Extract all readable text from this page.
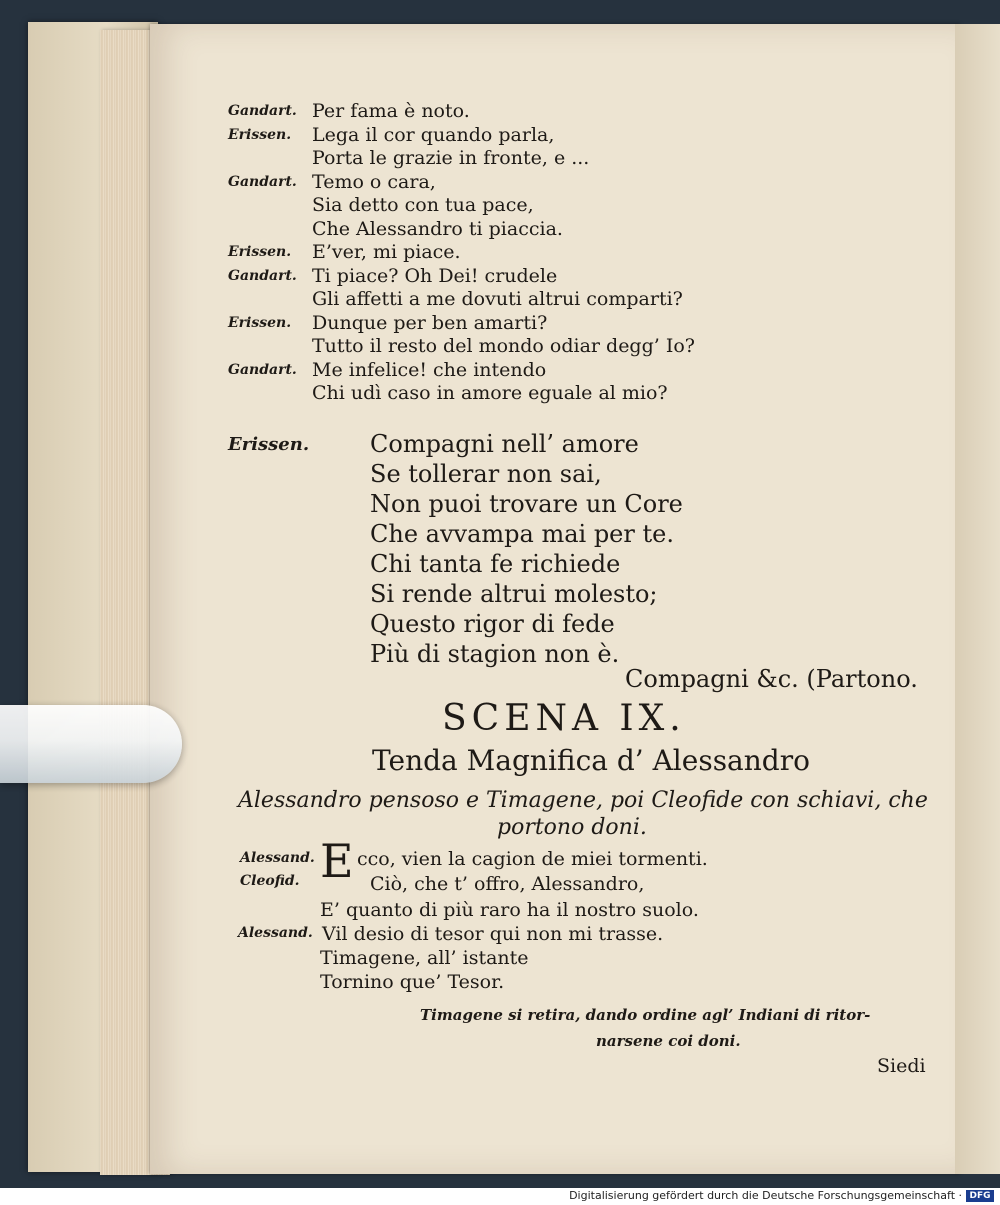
Gandart. Per fama è noto.
Erissen. Lega il cor quando parla,
Porta le grazie in fronte, e ...
Gandart. Temo o cara,
Sia detto con tua pace,
Che Alessandro ti piaccia.
Erissen. E’ver, mi piace.
Gandart. Ti piace? Oh Dei! crudele
Gli affetti a me dovuti altrui comparti?
Erissen. Dunque per ben amarti?
Tutto il resto del mondo odiar degg’ Io?
Gandart. Me infelice! che intendo
Chi udì caso in amore eguale al mio?
Erissen.	Compagni nell’ amore
Se tollerar non sai,
Non puoi trovare un Core
Che avvampa mai per te.
Chi tanta fe richiede
Si rende altrui molesto;
Questo rigor di fede
Più di stagion non è.
Compagni &c. (Partono.
SCENA IX.
Tenda Magnifica d’ Alessandro
Alessandro pensoso e Timagene, poi Cleofide con schiavi, che
portono doni.
Alessand. E cco, vien la cagion de miei tormenti.
Cleofid.	Ciò, che t’ offro, Alessandro,
E’ quanto di più raro ha il nostro suolo.
Alessand. Vil desio di tesor qui non mi trasse.
Timagene, all’ istante
Tornino que’ Tesor.
Timagene si retira, dando ordine agl’ Indiani di ritor-
narsene coi doni.
Siedi
Digitalisierung gefördert durch die Deutsche Forschungsgemeinschaft · DFG
